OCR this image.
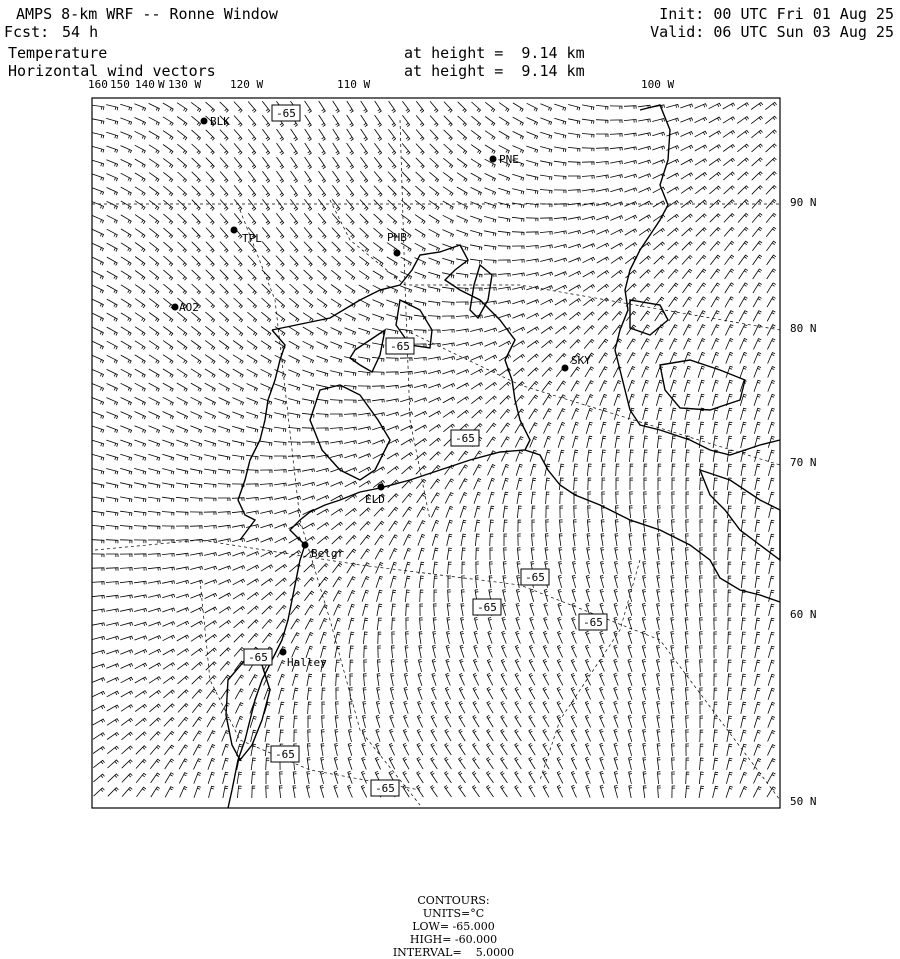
AMPS 8-km WRF -- Ronne Window
Fcst: 54 h
Init: 00 UTC Fri 01 Aug 25
Valid: 06 UTC Sun 03 Aug 25
Temperature	at height =  9.14 km
Horizontal wind vectors	at height =  9.14 km
160 150 140 W 130 W	120 W	110 W	100 W
90 N
80 N
70 N
60 N
50 N
BLK
PNE
TPL	PHB
AO2
SKY
ELD
Belgr
Halley
-65
-65
-65
-65
-65
-65
-65
-65
-65

CONTOURS:
UNITS=°C
LOW= -65.000
HIGH= -60.000
INTERVAL=    5.0000
